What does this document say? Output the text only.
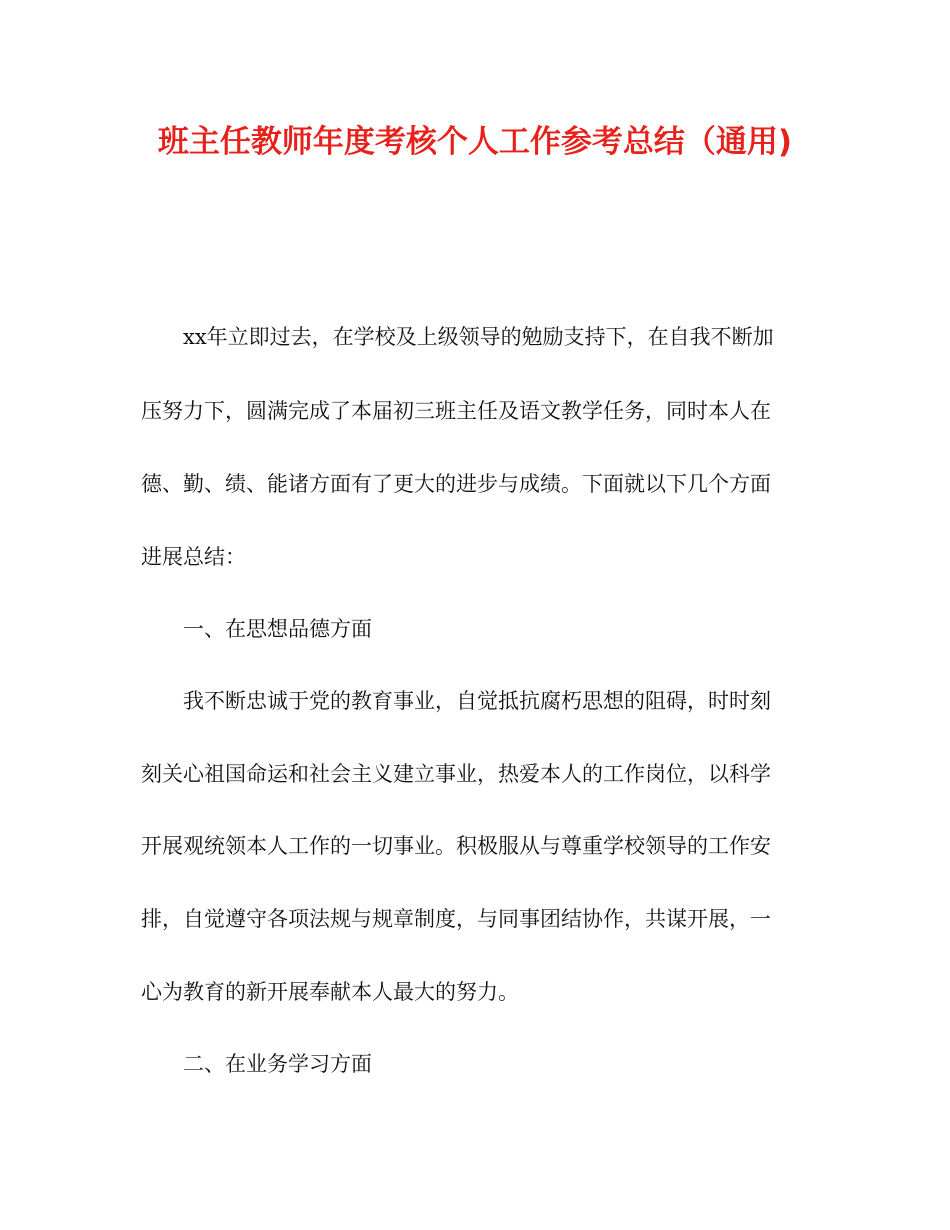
班主任教师年度考核个人工作参考总结（通用)
xx年立即过去，在学校及上级领导的勉励支持下，在自我不断加
压努力下，圆满完成了本届初三班主任及语文教学任务，同时本人在
德、勤、绩、能诸方面有了更大的进步与成绩。下面就以下几个方面
进展总结：
一、在思想品德方面
我不断忠诚于党的教育事业，自觉抵抗腐朽思想的阻碍，时时刻
刻关心祖国命运和社会主义建立事业，热爱本人的工作岗位，以科学
开展观统领本人工作的一切事业。积极服从与尊重学校领导的工作安
排，自觉遵守各项法规与规章制度，与同事团结协作，共谋开展，一
心为教育的新开展奉献本人最大的努力。
二、在业务学习方面
